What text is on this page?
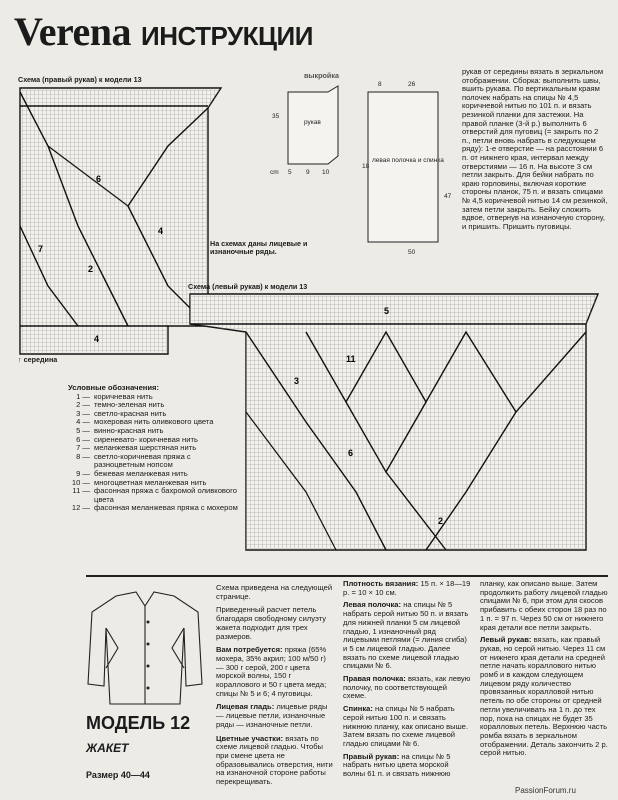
Verena ИНСТРУКЦИИ
Схема (правый рукав) к модели 13
6
4
7
2
4
↑ середина
выкройка
рукав
левая полочка и спинка
35
8	26
18
47
5 9 10
50
cm
На схемах даны лицевые и изнаночные ряды.
рукав от середины вязать в зеркальном отображении. Сборка: выполнить швы, вшить рукава. По вертикальным краям полочек набрать на спицы № 4,5 коричневой нитью по 101 п. и вязать резинкой планки для застежки. На правой планке (3-й р.) выполнить 6 отверстий для пуговиц (= закрыть по 2 п., петли вновь набрать в следующем ряду): 1-е отверстие — на расстоянии 6 п. от нижнего края, интервал между отверстиями — 16 п. На высоте 3 см петли закрыть. Для бейки набрать по краю горловины, включая короткие стороны планок, 75 п. и вязать спицами № 4,5 коричневой нитью 14 см резинкой, затем петли закрыть. Бейку сложить вдвое, отвернув на изнаночную сторону, и пришить. Пришить пуговицы.
Схема (левый рукав) к модели 13
5
11
3
6
2
Условные обозначения:
1 — коричневая нить
2 — темно-зеленая нить
3 — светло-красная нить
4 — мохеровая нить оливкового цвета
5 — винно-красная нить
6 — сиреневато- коричневая нить
7 — меланжевая шерстяная нить
8 — светло-коричневая пряжа с разноцветным нопсом
9 — бежевая меланжевая нить
10 — многоцветная меланжевая нить
11 — фасонная пряжа с бахромой оливкового цвета
12 — фасонная меланжевая пряжа с мохером
МОДЕЛЬ 12
ЖАКЕТ
Размер 40—44

Схема приведена на следующей странице.

Приведенный расчет петель благодаря свободному силуэту жакета подходит для трех размеров.

Вам потребуется: пряжа (65% мохера, 35% акрил; 100 м/50 г) — 300 г серой, 200 г цвета морской волны, 150 г кораллового и 50 г цвета меда; спицы № 5 и 6; 4 пуговицы.

Лицевая гладь: лицевые ряды — лицевые петли, изнаночные ряды — изнаночные петли.

Цветные участки: вязать по схеме лицевой гладью. Чтобы при смене цвета не образовывались отверстия, нити на изнаночной стороне работы перекрещивать.

Плотность вязания: 15 п. × 18—19 р. = 10 × 10 см.

Левая полочка: на спицы № 5 набрать серой нитью 50 п. и вязать для нижней планки 5 см лицевой гладью, 1 изнаночный ряд лицевыми петлями (= линия сгиба) и 5 см лицевой гладью. Далее вязать по схеме лицевой гладью спицами № 6.

Правая полочка: вязать, как левую полочку, по соответствующей схеме.

Спинка: на спицы № 5 набрать серой нитью 100 п. и связать нижнюю планку, как описано выше. Затем вязать по схеме лицевой гладью спицами № 6.

Правый рукав: на спицы № 5 набрать нитью цвета морской волны 61 п. и связать нижнюю

планку, как описано выше. Затем продолжить работу лицевой гладью спицами № 6, при этом для скосов прибавить с обеих сторон 18 раз по 1 п. = 97 п. Через 50 см от нижнего края детали все петли закрыть.

Левый рукав: вязать, как правый рукав, но серой нитью. Через 11 см от нижнего края детали на средней петле начать кораллового нитью ромб и в каждом следующем лицевом ряду количество провязанных коралловой нитью петель по обе стороны от средней петли увеличивать на 1 п. до тех пор, пока на спицах не будет 35 коралловых петель. Верхнюю часть ромба вязать в зеркальном отображении. Деталь закончить 2 р. серой нитью.

PassionForum.ru
